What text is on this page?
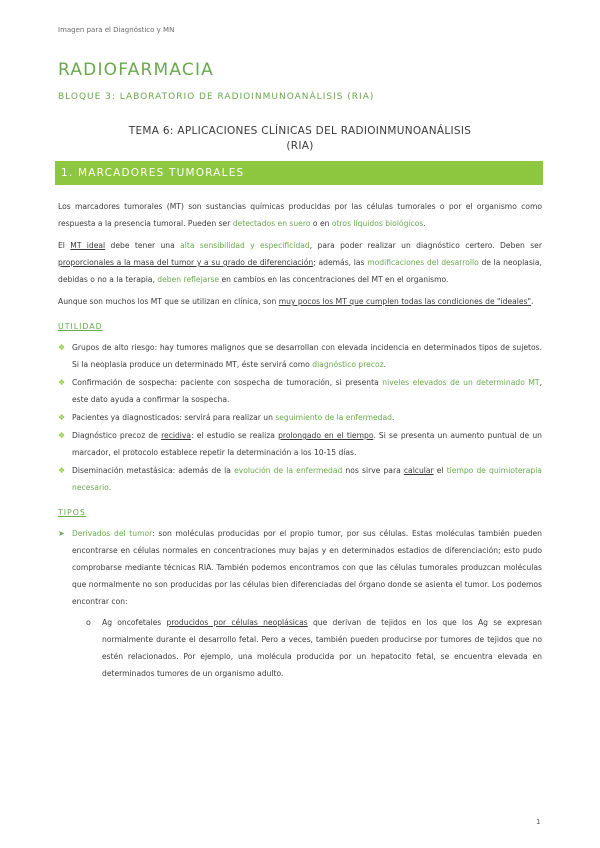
Imagen para el Diagnóstico y MN
RADIOFARMACIA
BLOQUE 3: LABORATORIO DE RADIOINMUNOANÁLISIS (RIA)
TEMA 6: APLICACIONES CLÍNICAS DEL RADIOINMUNOANÁLISIS
(RIA)
1. MARCADORES TUMORALES

Los marcadores tumorales (MT) son sustancias químicas producidas por las células tumorales o por el organismo como respuesta a la presencia tumoral. Pueden ser detectados en suero o en otros líquidos biológicos.

El MT ideal debe tener una alta sensibilidad y especificidad, para poder realizar un diagnóstico certero. Deben ser proporcionales a la masa del tumor y a su grado de diferenciación; además, las modificaciones del desarrollo de la neoplasia, debidas o no a la terapia, deben reflejarse en cambios en las concentraciones del MT en el organismo.

Aunque son muchos los MT que se utilizan en clínica, son muy pocos los MT que cumplen todas las condiciones de "ideales".

UTILIDAD
❖ Grupos de alto riesgo: hay tumores malignos que se desarrollan con elevada incidencia en determinados tipos de sujetos. Si la neoplasia produce un determinado MT, éste servirá como diagnóstico precoz.
❖ Confirmación de sospecha: paciente con sospecha de tumoración, si presenta niveles elevados de un determinado MT, este dato ayuda a confirmar la sospecha.
❖ Pacientes ya diagnosticados: servirá para realizar un seguimiento de la enfermedad.
❖ Diagnóstico precoz de recidiva: el estudio se realiza prolongado en el tiempo. Si se presenta un aumento puntual de un marcador, el protocolo establece repetir la determinación a los 10-15 días.
❖ Diseminación metastásica: además de la evolución de la enfermedad nos sirve para calcular el tiempo de quimioterapia necesario.
TIPOS
➤ Derivados del tumor: son moléculas producidas por el propio tumor, por sus células. Estas moléculas también pueden encontrarse en células normales en concentraciones muy bajas y en determinados estadios de diferenciación; esto pudo comprobarse mediante técnicas RIA. También podemos encontramos con que las células tumorales produzcan moléculas que normalmente no son producidas por las células bien diferenciadas del órgano donde se asienta el tumor. Los podemos encontrar con:
o Ag oncofetales producidos por células neoplásicas que derivan de tejidos en los que los Ag se expresan normalmente durante el desarrollo fetal. Pero a veces, también pueden producirse por tumores de tejidos que no estén relacionados. Por ejemplo, una molécula producida por un hepatocito fetal, se encuentra elevada en determinados tumores de un organismo adulto.
1
